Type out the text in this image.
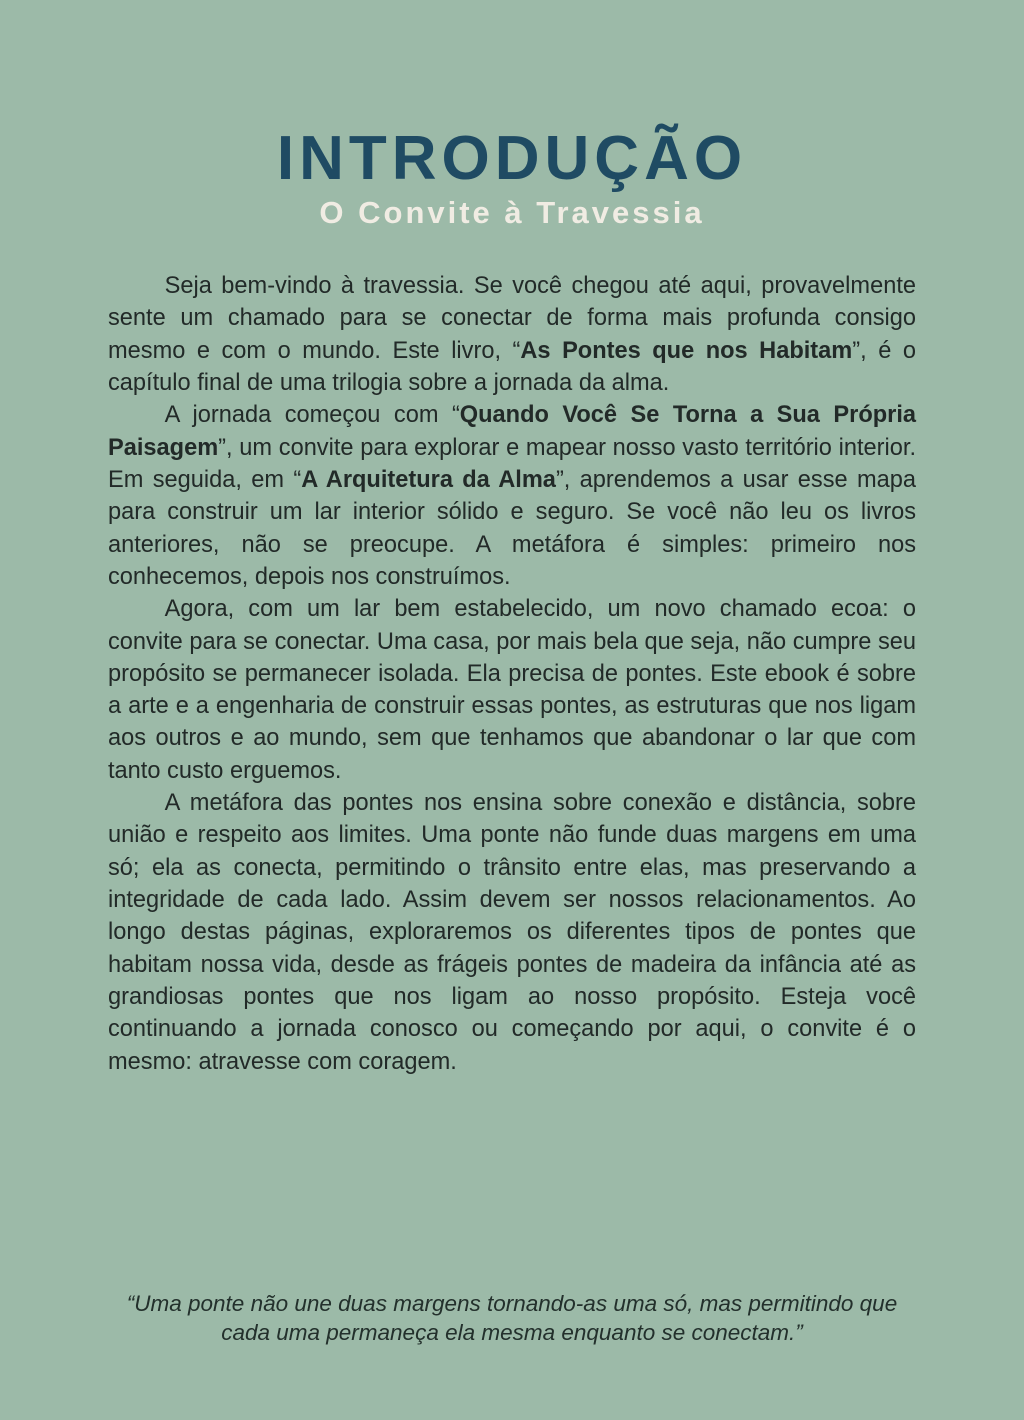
INTRODUÇÃO
O Convite à Travessia

Seja bem-vindo à travessia. Se você chegou até aqui, provavelmente sente um chamado para se conectar de forma mais profunda consigo mesmo e com o mundo. Este livro, “As Pontes que nos Habitam”, é o capítulo final de uma trilogia sobre a jornada da alma.

A jornada começou com “Quando Você Se Torna a Sua Própria Paisagem”, um convite para explorar e mapear nosso vasto território interior. Em seguida, em “A Arquitetura da Alma”, aprendemos a usar esse mapa para construir um lar interior sólido e seguro. Se você não leu os livros anteriores, não se preocupe. A metáfora é simples: primeiro nos conhecemos, depois nos construímos.

Agora, com um lar bem estabelecido, um novo chamado ecoa: o convite para se conectar. Uma casa, por mais bela que seja, não cumpre seu propósito se permanecer isolada. Ela precisa de pontes. Este ebook é sobre a arte e a engenharia de construir essas pontes, as estruturas que nos ligam aos outros e ao mundo, sem que tenhamos que abandonar o lar que com tanto custo erguemos.

A metáfora das pontes nos ensina sobre conexão e distância, sobre união e respeito aos limites. Uma ponte não funde duas margens em uma só; ela as conecta, permitindo o trânsito entre elas, mas preservando a integridade de cada lado. Assim devem ser nossos relacionamentos. Ao longo destas páginas, exploraremos os diferentes tipos de pontes que habitam nossa vida, desde as frágeis pontes de madeira da infância até as grandiosas pontes que nos ligam ao nosso propósito. Esteja você continuando a jornada conosco ou começando por aqui, o convite é o mesmo: atravesse com coragem.

“Uma ponte não une duas margens tornando-as uma só, mas permitindo que cada uma permaneça ela mesma enquanto se conectam.”
